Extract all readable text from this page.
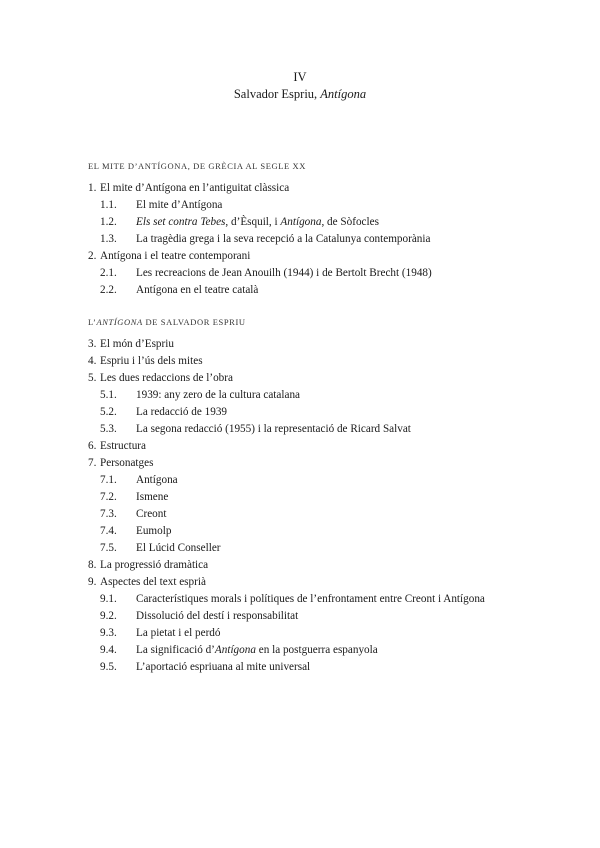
IV
Salvador Espriu, Antígona
EL MITE D’ANTÍGONA, DE GRÈCIA AL SEGLE XX
1. El mite d’Antígona en l’antiguitat clàssica
1.1. El mite d’Antígona
1.2. Els set contra Tebes, d’Èsquil, i Antígona, de Sòfocles
1.3. La tragèdia grega i la seva recepció a la Catalunya contemporània
2. Antígona i el teatre contemporani
2.1. Les recreacions de Jean Anouilh (1944) i de Bertolt Brecht (1948)
2.2. Antígona en el teatre català
L’ANTÍGONA DE SALVADOR ESPRIU
3. El món d’Espriu
4. Espriu i l’ús dels mites
5. Les dues redaccions de l’obra
5.1. 1939: any zero de la cultura catalana
5.2. La redacció de 1939
5.3. La segona redacció (1955) i la representació de Ricard Salvat
6. Estructura
7. Personatges
7.1. Antígona
7.2. Ismene
7.3. Creont
7.4. Eumolp
7.5. El Lúcid Conseller
8. La progressió dramàtica
9. Aspectes del text esprià
9.1. Característiques morals i polítiques de l’enfrontament entre Creont i Antígona
9.2. Dissolució del destí i responsabilitat
9.3. La pietat i el perdó
9.4. La significació d’Antígona en la postguerra espanyola
9.5. L’aportació espriuana al mite universal
